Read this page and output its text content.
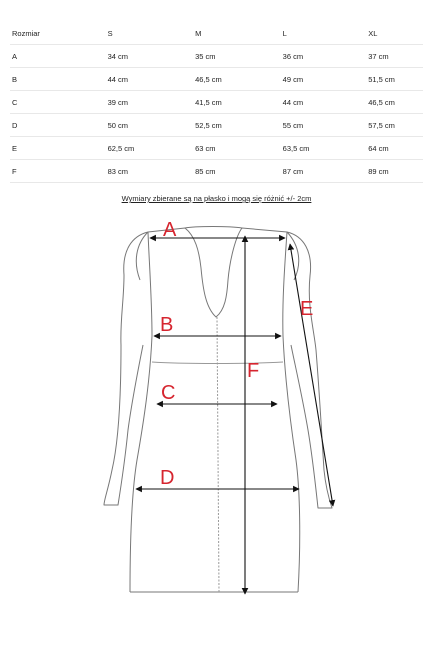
Rozmiar	S	M	L	XL
A	34 cm	35 cm	36 cm	37 cm
B	44 cm	46,5 cm	49 cm	51,5 cm
C	39 cm	41,5 cm	44 cm	46,5 cm
D	50 cm	52,5 cm	55 cm	57,5 cm
E	62,5 cm	63 cm	63,5 cm	64 cm
F	83 cm	85 cm	87 cm	89 cm
Wymiary zbierane są na płasko i mogą się różnić +/- 2cm
A
B
C
D
E
F
